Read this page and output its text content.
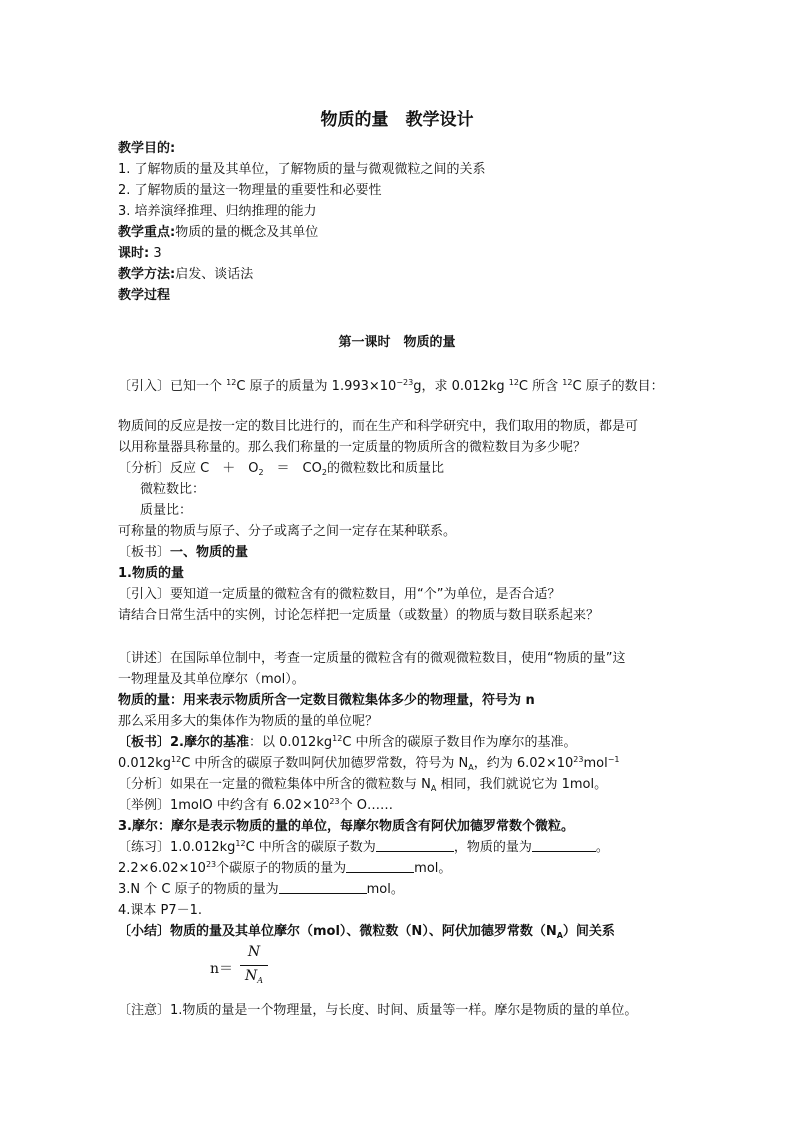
物质的量　教学设计
教学目的:
1. 了解物质的量及其单位，了解物质的量与微观微粒之间的关系
2. 了解物质的量这一物理量的重要性和必要性
3. 培养演绎推理、归纳推理的能力
教学重点:物质的量的概念及其单位
课时: 3
教学方法:启发、谈话法
教学过程
第一课时　物质的量
〔引入〕已知一个 $^{12}$C 原子的质量为 $1.993\times 10^{-23}g$，求 0.012kg $^{12}$C 所含 $^{12}$C 原子的数目：
物质间的反应是按一定的数目比进行的，而在生产和科学研究中，我们取用的物质，都是可
以用称量器具称量的。那么我们称量的一定质量的物质所含的微粒数目为多少呢？
〔分析〕反应 C　＋　$O_2$　＝　$CO_2$的微粒数比和质量比
微粒数比：
质量比：
可称量的物质与原子、分子或离子之间一定存在某种联系。
〔板书〕一、物质的量
1.物质的量
〔引入〕要知道一定质量的微粒含有的微粒数目，用“个”为单位，是否合适？
请结合日常生活中的实例，讨论怎样把一定质量（或数量）的物质与数目联系起来？
〔讲述〕在国际单位制中，考查一定质量的微粒含有的微观微粒数目，使用“物质的量”这
一物理量及其单位摩尔（mol）。
物质的量：用来表示物质所含一定数目微粒集体多少的物理量，符号为 n
那么采用多大的集体作为物质的量的单位呢？
〔板书〕2.摩尔的基准：以 $0.012kg^{12}C$ 中所含的碳原子数目作为摩尔的基准。
$0.012kg^{12}C$ 中所含的碳原子数叫阿伏加德罗常数，符号为 $N_A$，约为 $6.02\times 10^{23}mol^{-1}$
〔分析〕如果在一定量的微粒集体中所含的微粒数与 $N_A$ 相同，我们就说它为 1mol。
〔举例〕1molO 中约含有 $6.02\times 10^{23}$个 O……
3.摩尔：摩尔是表示物质的量的单位，每摩尔物质含有阿伏加德罗常数个微粒。
〔练习〕$1.0.012kg^{12}C$ 中所含的碳原子数为	，物质的量为	。
$2.2\times 6.02\times 10^{23}$个碳原子的物质的量为	mol。
3.N 个 C 原子的物质的量为	mol。
4.课本 P7－1.
〔小结〕物质的量及其单位摩尔（mol）、微粒数（N）、阿伏加德罗常数$(N_A)$间关系
n＝
N
$N_A$
〔注意〕1.物质的量是一个物理量，与长度、时间、质量等一样。摩尔是物质的量的单位。
